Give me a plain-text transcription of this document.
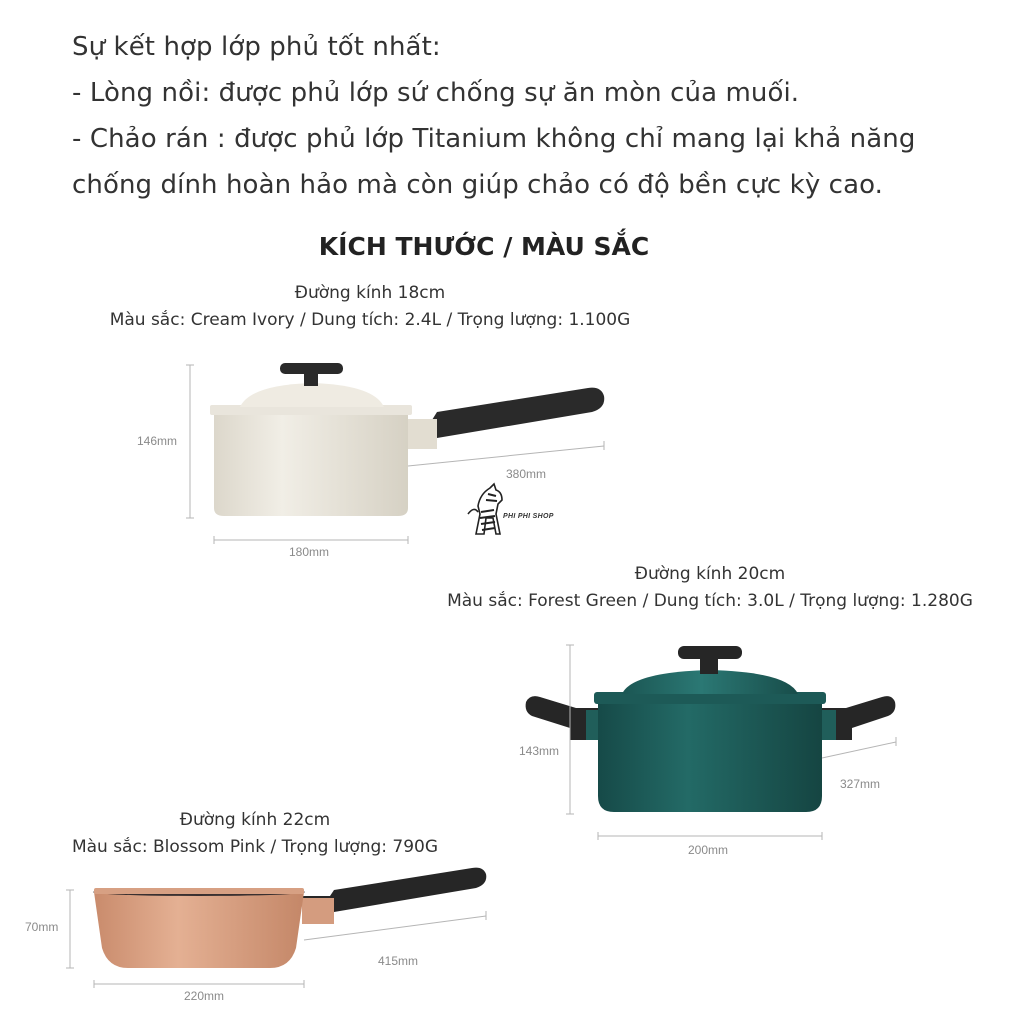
Sự kết hợp lớp phủ tốt nhất:
- Lòng nồi: được phủ lớp sứ chống sự ăn mòn của muối.
- Chảo rán : được phủ lớp Titanium không chỉ mang lại khả năng
chống dính hoàn hảo mà còn giúp chảo có độ bền cực kỳ cao.
KÍCH THƯỚC / MÀU SẮC
Đường kính 18cm
Màu sắc: Cream Ivory / Dung tích: 2.4L / Trọng lượng: 1.100G
Đường kính 20cm
Màu sắc: Forest Green / Dung tích: 3.0L / Trọng lượng: 1.280G
Đường kính 22cm
Màu sắc: Blossom Pink / Trọng lượng: 790G
PHI PHI SHOP
146mm
380mm
180mm
143mm
327mm
200mm
70mm
415mm
220mm
